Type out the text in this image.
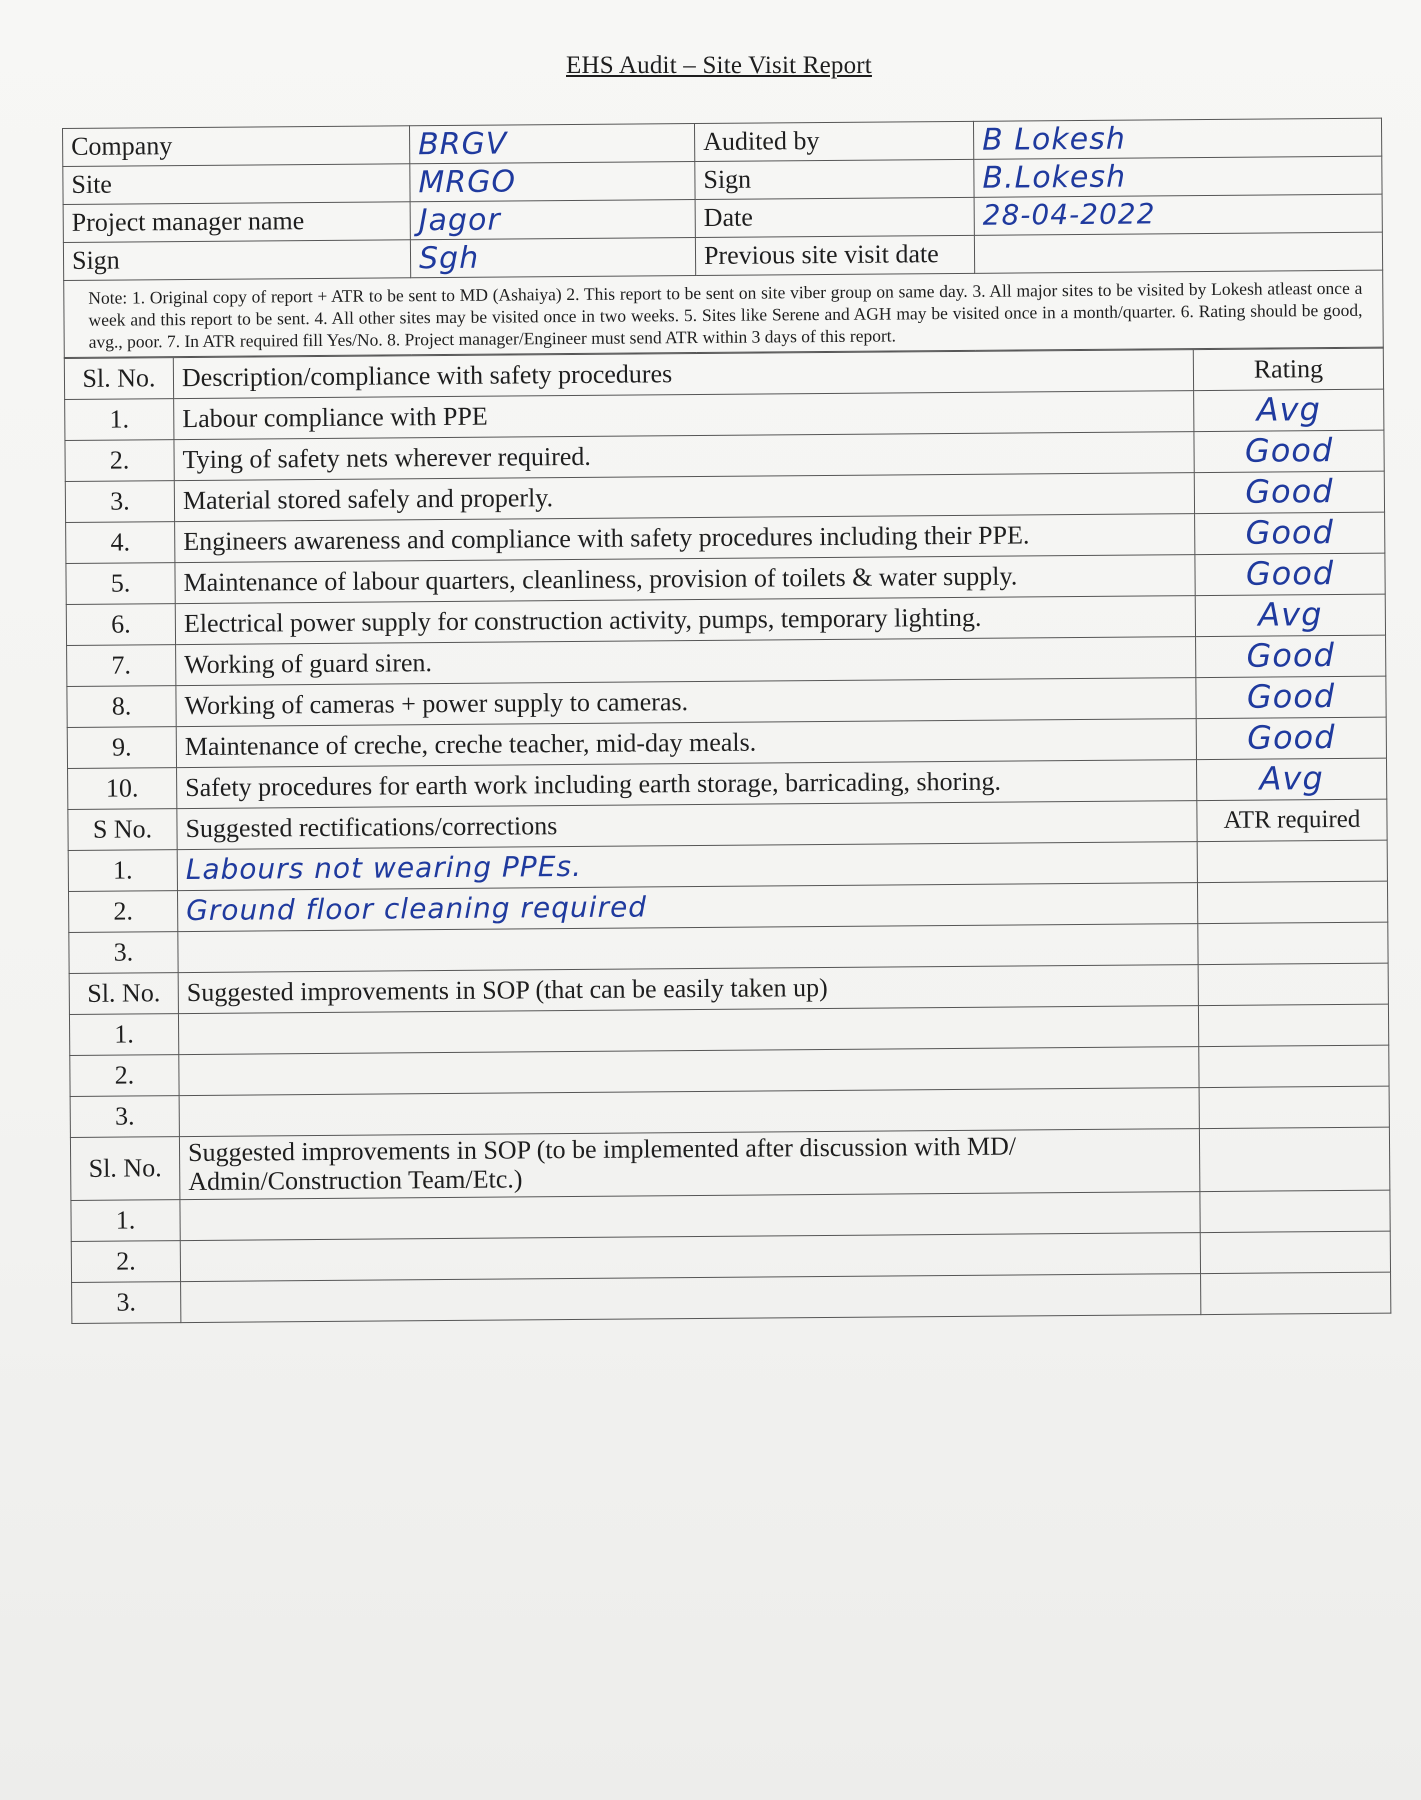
EHS Audit – Site Visit Report
Company	BRGV	Audited by	B Lokesh
Site	MRGO	Sign	B.Lokesh
Project manager name	Jagor	Date	28-04-2022
Sign	Sgh	Previous site visit date	
Note: 1. Original copy of report + ATR to be sent to MD (Ashaiya) 2. This report to be sent on site viber group on same day. 3. All major sites to be visited by Lokesh atleast once a week and this report to be sent. 4. All other sites may be visited once in two weeks. 5. Sites like Serene and AGH may be visited once in a month/quarter. 6. Rating should be good, avg., poor. 7. In ATR required fill Yes/No. 8. Project manager/Engineer must send ATR within 3 days of this report.			
Sl. No.	Description/compliance with safety procedures	Rating
1.	Labour compliance with PPE	Avg
2.	Tying of safety nets wherever required.	Good
3.	Material stored safely and properly.	Good
4.	Engineers awareness and compliance with safety procedures including their PPE.	Good
5.	Maintenance of labour quarters, cleanliness, provision of toilets & water supply.	Good
6.	Electrical power supply for construction activity, pumps, temporary lighting.	Avg
7.	Working of guard siren.	Good
8.	Working of cameras + power supply to cameras.	Good
9.	Maintenance of creche, creche teacher, mid-day meals.	Good
10.	Safety procedures for earth work including earth storage, barricading, shoring.	Avg
S No.	Suggested rectifications/corrections	ATR required
1.	Labours not wearing PPEs.	
2.	Ground floor cleaning required	
3.		
Sl. No.	Suggested improvements in SOP (that can be easily taken up)	
1.		
2.		
3.		
Sl. No.	Suggested improvements in SOP (to be implemented after discussion with MD/ Admin/Construction Team/Etc.)	
1.		
2.		
3.		
